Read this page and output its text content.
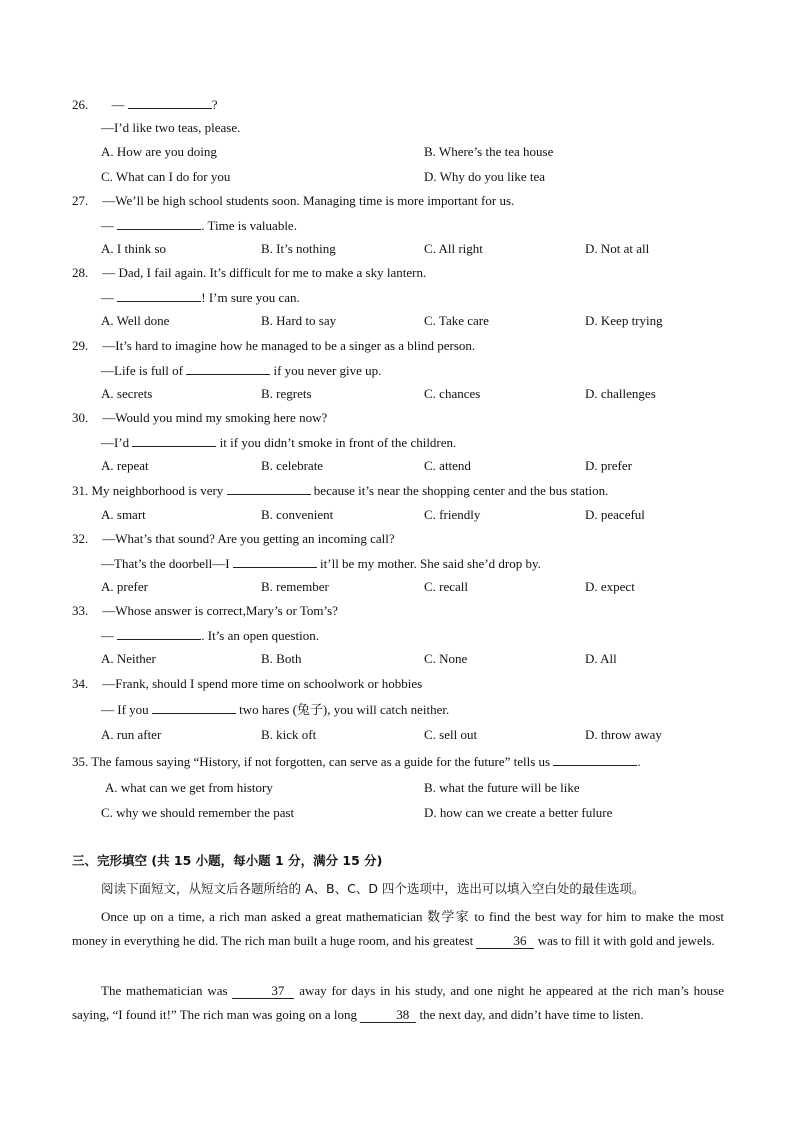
26. —	?
—I’d like two teas, please.
A. How are you doing	B. Where’s the tea house
C. What can I do for you	D. Why do you like tea
27. —We’ll be high school students soon. Managing time is more important for us.
—	. Time is valuable.
A. I think so	B. It’s nothing	C. All right	D. Not at all
28. — Dad, I fail again. It’s difficult for me to make a sky lantern.
—	! I’m sure you can.
A. Well done	B. Hard to say	C. Take care	D. Keep trying
29. —It’s hard to imagine how he managed to be a singer as a blind person.
—Life is full of	if you never give up.
A. secrets	B. regrets	C. chances	D. challenges
30. —Would you mind my smoking here now?
—I’d	it if you didn’t smoke in front of the children.
A. repeat	B. celebrate	C. attend	D. prefer
31. My neighborhood is very	because it’s near the shopping center and the bus station.
A. smart	B. convenient	C. friendly	D. peaceful
32. —What’s that sound? Are you getting an incoming call?
—That’s the doorbell—I	it’ll be my mother. She said she’d drop by.
A. prefer	B. remember	C. recall	D. expect
33. —Whose answer is correct,Mary’s or Tom’s?
—	. It’s an open question.
A. Neither	B. Both	C. None	D. All
34. —Frank, should I spend more time on schoolwork or hobbies
— If you	two hares (兔子), you will catch neither.
A. run after	B. kick oft	C. sell out	D. throw away
35. The famous saying “History, if not forgotten, can serve as a guide for the future” tells us	.
A. what can we get from history	B. what the future will be like
C. why we should remember the past	D. how can we create a better fulure
三、完形填空 (共 15 小题，每小题 1 分，满分 15 分)
阅读下面短文，从短文后各题所给的 A、B、C、D 四个选项中，选出可以填入空白处的最佳选项。
Once up on a time, a rich man asked a great mathematician 数学家 to find the best way for him to make the most money in everything he did. The rich man built a huge room, and his greatest	36 was to fill it with gold and jewels.
The mathematician was	37 away for days in his study, and one night he appeared at the rich man’s house saying, “I found it!” The rich man was going on a long	38 the next day, and didn’t have time to listen.
